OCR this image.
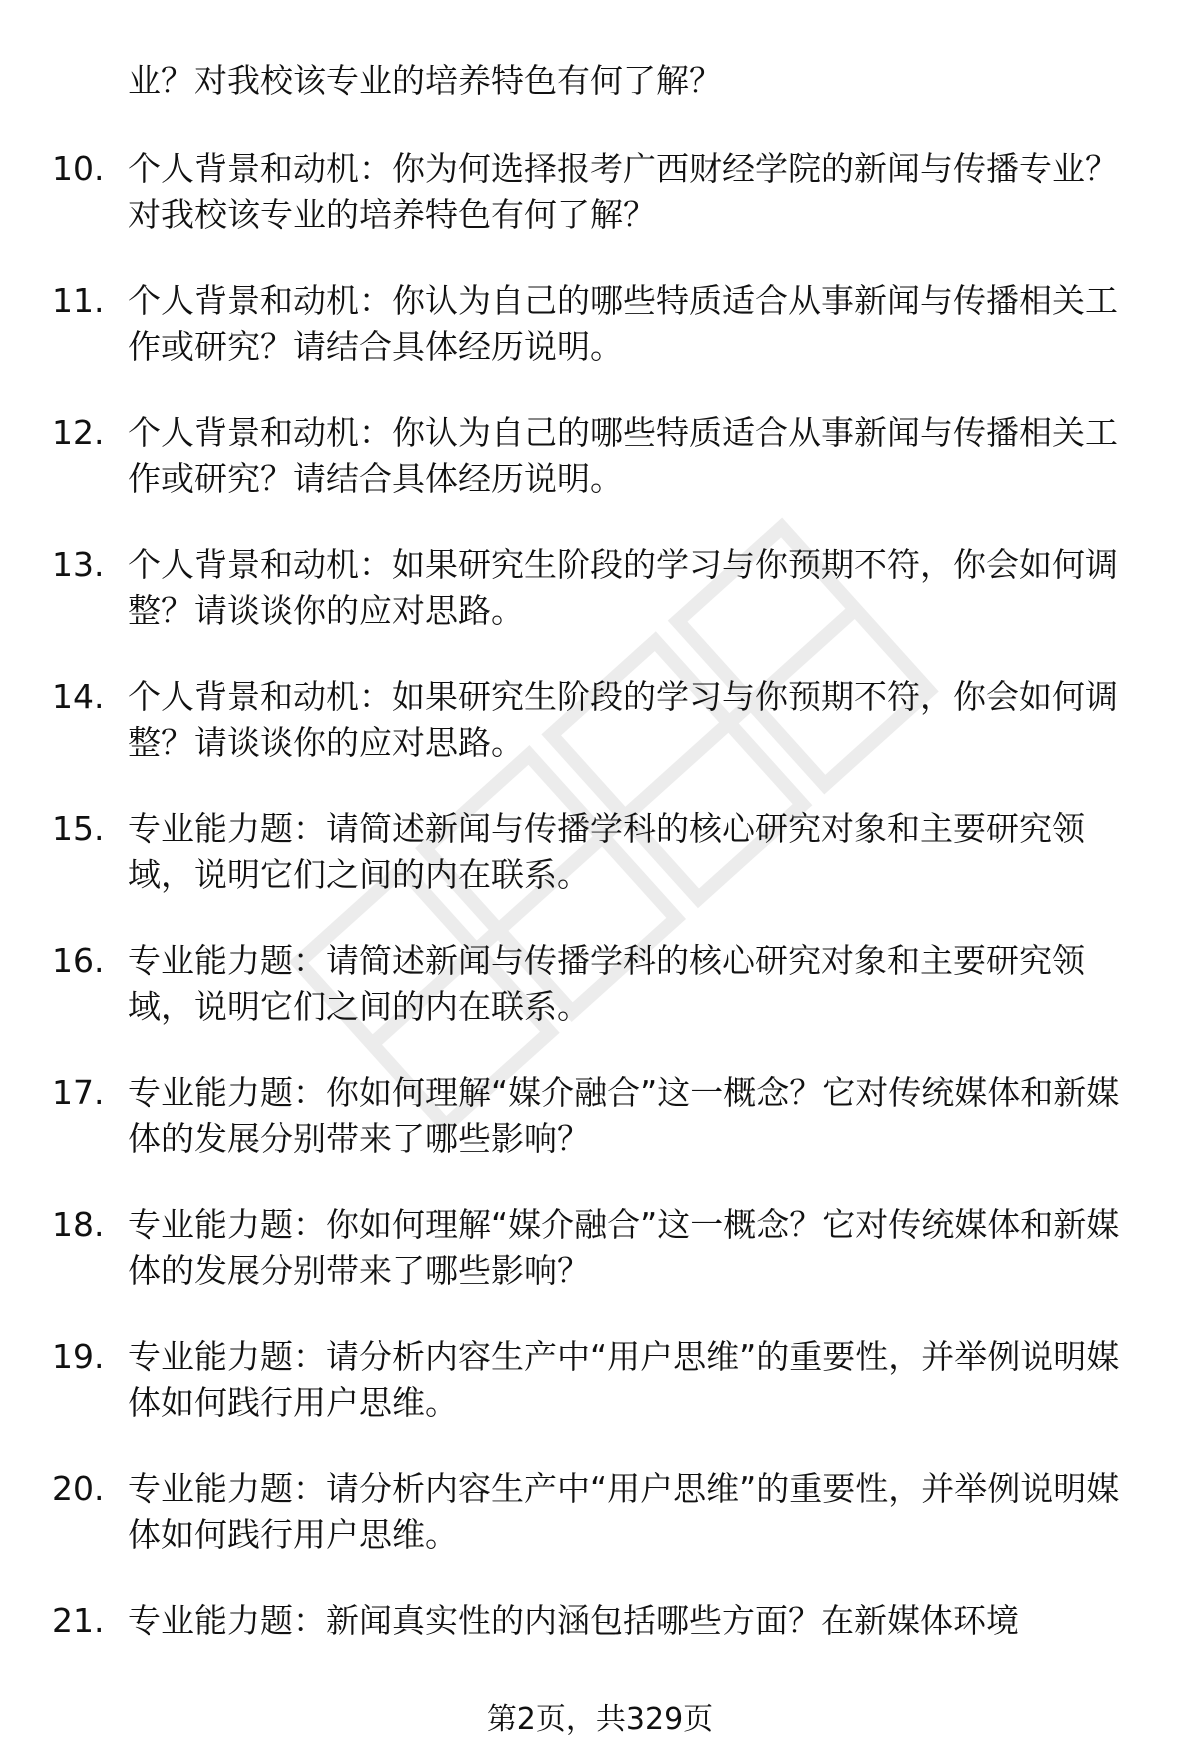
业？对我校该专业的培养特色有何了解？
10. 个人背景和动机：你为何选择报考广西财经学院的新闻与传播专业？对我校该专业的培养特色有何了解？
11. 个人背景和动机：你认为自己的哪些特质适合从事新闻与传播相关工作或研究？请结合具体经历说明。
12. 个人背景和动机：你认为自己的哪些特质适合从事新闻与传播相关工作或研究？请结合具体经历说明。
13. 个人背景和动机：如果研究生阶段的学习与你预期不符，你会如何调整？请谈谈你的应对思路。
14. 个人背景和动机：如果研究生阶段的学习与你预期不符，你会如何调整？请谈谈你的应对思路。
15. 专业能力题：请简述新闻与传播学科的核心研究对象和主要研究领域，说明它们之间的内在联系。
16. 专业能力题：请简述新闻与传播学科的核心研究对象和主要研究领域，说明它们之间的内在联系。
17. 专业能力题：你如何理解“媒介融合”这一概念？它对传统媒体和新媒体的发展分别带来了哪些影响？
18. 专业能力题：你如何理解“媒介融合”这一概念？它对传统媒体和新媒体的发展分别带来了哪些影响？
19. 专业能力题：请分析内容生产中“用户思维”的重要性，并举例说明媒体如何践行用户思维。
20. 专业能力题：请分析内容生产中“用户思维”的重要性，并举例说明媒体如何践行用户思维。
21. 专业能力题：新闻真实性的内涵包括哪些方面？在新媒体环境
第2页，共329页
